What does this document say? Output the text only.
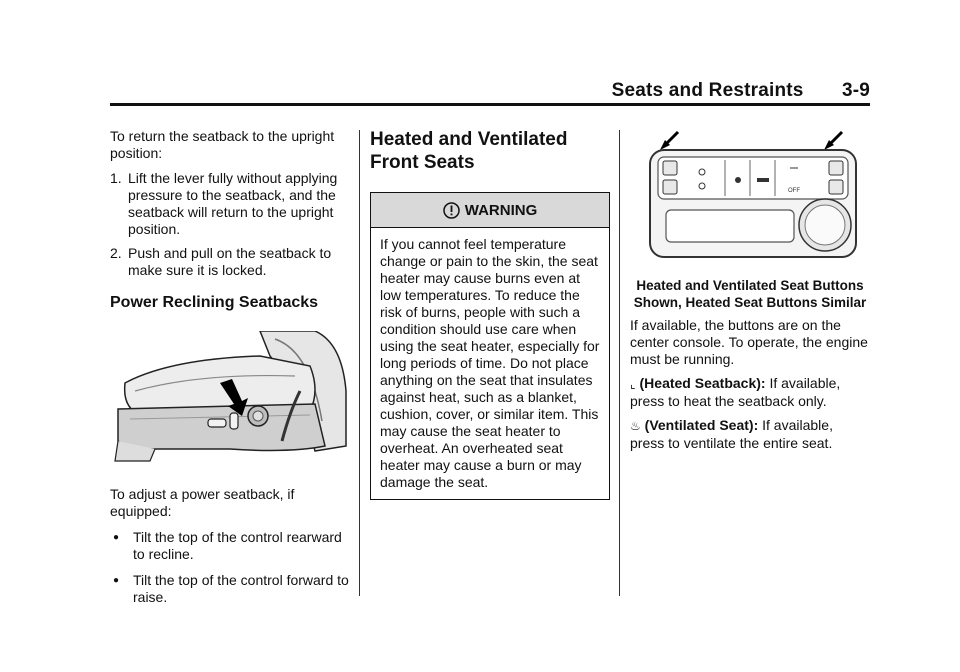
Seats and Restraints 3-9

To return the seatback to the upright position:

1. Lift the lever fully without applying pressure to the seatback, and the seatback will return to the upright position.
2. Push and pull on the seatback to make sure it is locked.
Power Reclining Seatbacks

To adjust a power seatback, if equipped:

● Tilt the top of the control rearward to recline.
● Tilt the top of the control forward to raise.
Heated and Ventilated Front Seats
WARNING
If you cannot feel temperature change or pain to the skin, the seat heater may cause burns even at low temperatures. To reduce the risk of burns, people with such a condition should use care when using the seat heater, especially for long periods of time. Do not place anything on the seat that insulates against heat, such as a blanket, cushion, cover, or similar item. This may cause the seat heater to overheat. An overheated seat heater may cause a burn or may damage the seat.
OFF
Heated and Ventilated Seat Buttons Shown, Heated Seat Buttons Similar

If available, the buttons are on the center console. To operate, the engine must be running.

⌞ (Heated Seatback): If available, press to heat the seatback only.

♨ (Ventilated Seat): If available, press to ventilate the entire seat.
